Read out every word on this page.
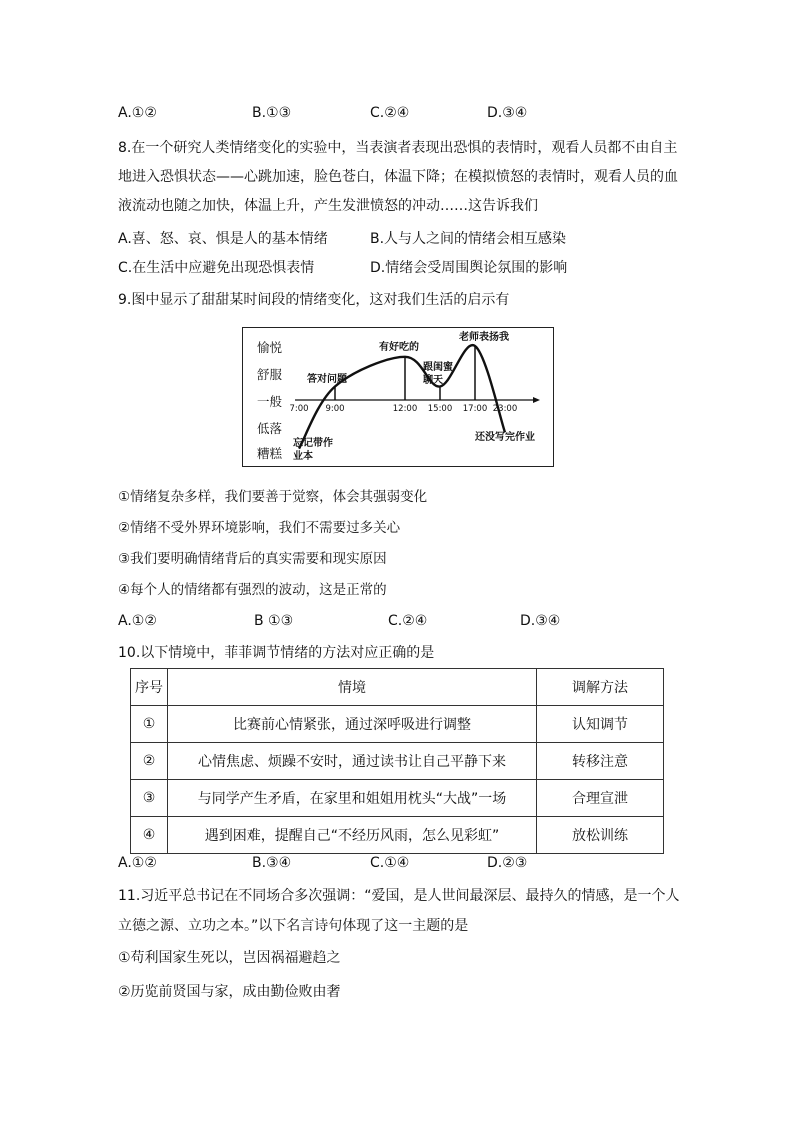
A.①②	B.①③	C.②④	D.③④
8.在一个研究人类情绪变化的实验中，当表演者表现出恐惧的表情时，观看人员都不由自主
地进入恐惧状态——心跳加速，脸色苍白，体温下降；在模拟愤怒的表情时，观看人员的血
液流动也随之加快，体温上升，产生发泄愤怒的冲动……这告诉我们
A.喜、怒、哀、惧是人的基本情绪	B.人与人之间的情绪会相互感染
C.在生活中应避免出现恐惧表情	D.情绪会受周围舆论氛围的影响
9.图中显示了甜甜某时间段的情绪变化，这对我们生活的启示有
愉悦
舒服
一般
低落
糟糕
7:00 9:00	12:00 15:00 17:00 23:00
忘记带作业本
答对问题
有好吃的
跟闺蜜聊天
老师表扬我
还没写完作业
①情绪复杂多样，我们要善于觉察，体会其强弱变化
②情绪不受外界环境影响，我们不需要过多关心
③我们要明确情绪背后的真实需要和现实原因
④每个人的情绪都有强烈的波动，这是正常的
A.①②	B ①③	C.②④	D.③④
10.以下情境中，菲菲调节情绪的方法对应正确的是
序号	情境	调解方法
①	比赛前心情紧张，通过深呼吸进行调整	认知调节
②	心情焦虑、烦躁不安时，通过读书让自己平静下来	转移注意
③	与同学产生矛盾，在家里和姐姐用枕头“大战”一场	合理宣泄
④	遇到困难，提醒自己“不经历风雨，怎么见彩虹”	放松训练
A.①②	B.③④	C.①④	D.②③
11.习近平总书记在不同场合多次强调：“爱国，是人世间最深层、最持久的情感，是一个人
立德之源、立功之本。”以下名言诗句体现了这一主题的是
①苟利国家生死以，岂因祸福避趋之
②历览前贤国与家，成由勤俭败由奢
